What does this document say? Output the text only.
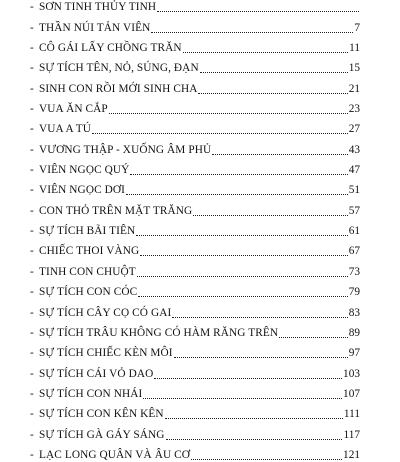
- SƠN TINH THỦY TINH
- THẦN NÚI TẢN VIÊN	7
- CÔ GÁI LẤY CHỒNG TRĂN	11
- SỰ TÍCH TÊN, NỎ, SÚNG, ĐẠN	15
- SINH CON RỒI MỚI SINH CHA	21
- VUA ĂN CẮP	23
- VUA A TÚ	27
- VƯƠNG THẬP - XUỐNG ÂM PHỦ	43
- VIÊN NGỌC QUÝ	47
- VIÊN NGỌC DƠI	51
- CON THỎ TRÊN MẶT TRĂNG	57
- SỰ TÍCH BÃI TIÊN	61
- CHIẾC THOI VÀNG	67
- TINH CON CHUỘT	73
- SỰ TÍCH CON CÓC	79
- SỰ TÍCH CÂY CỌ CÓ GAI	83
- SỰ TÍCH TRÂU KHÔNG CÓ HÀM RĂNG TRÊN	89
- SỰ TÍCH CHIẾC KÈN MÔI	97
- SỰ TÍCH CÁI VỎ DAO	103
- SỰ TÍCH CON NHÁI	107
- SỰ TÍCH CON KÊN KÊN	111
- SỰ TÍCH GÀ GÁY SÁNG	117
- LẠC LONG QUÂN VÀ ÂU CƠ	121
